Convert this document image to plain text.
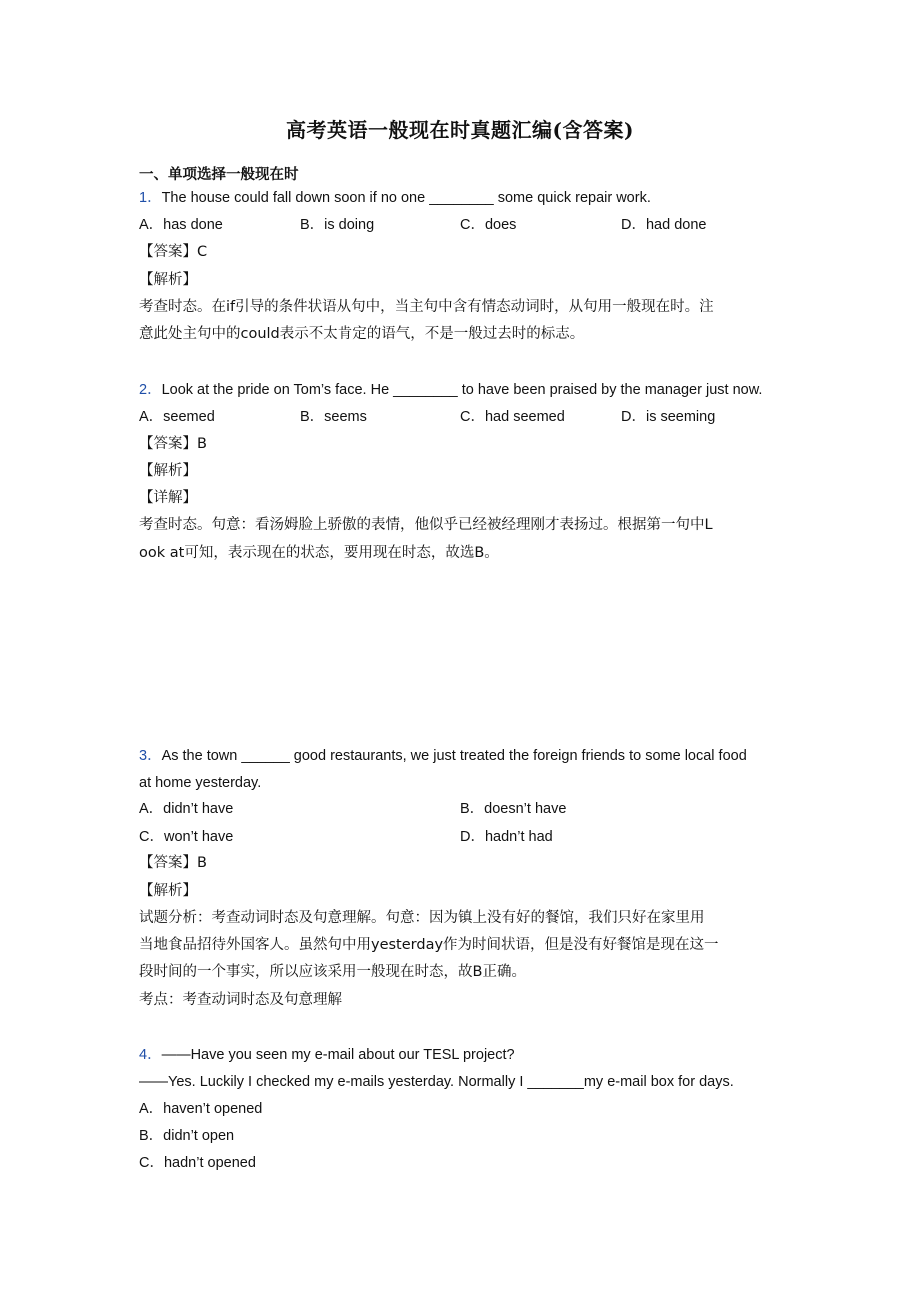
高考英语一般现在时真题汇编(含答案)
一、单项选择一般现在时
1．The house could fall down soon if no one ________ some quick repair work.
A．has done	B．is doing	C．does	D．had done
【答案】C
【解析】
考查时态。在if引导的条件状语从句中，当主句中含有情态动词时，从句用一般现在时。注
意此处主句中的could表示不太肯定的语气，不是一般过去时的标志。
2．Look at the pride on Tom’s face. He ________ to have been praised by the manager just now.
A．seemed	B．seems	C．had seemed	D．is seeming
【答案】B
【解析】
【详解】
考查时态。句意：看汤姆脸上骄傲的表情，他似乎已经被经理刚才表扬过。根据第一句中L
ook at可知，表示现在的状态，要用现在时态，故选B。
3．As the town ______ good restaurants, we just treated the foreign friends to some local food
at home yesterday.
A．didn’t have	B．doesn’t have
C．won’t have	D．hadn’t had
【答案】B
【解析】
试题分析：考查动词时态及句意理解。句意：因为镇上没有好的餐馆，我们只好在家里用
当地食品招待外国客人。虽然句中用yesterday作为时间状语，但是没有好餐馆是现在这一
段时间的一个事实，所以应该采用一般现在时态，故B正确。
考点：考查动词时态及句意理解
4．——Have you seen my e-mail about our TESL project?
——Yes. Luckily I checked my e-mails yesterday. Normally I _______my e-mail box for days.
A．haven’t opened
B．didn’t open
C．hadn’t opened
